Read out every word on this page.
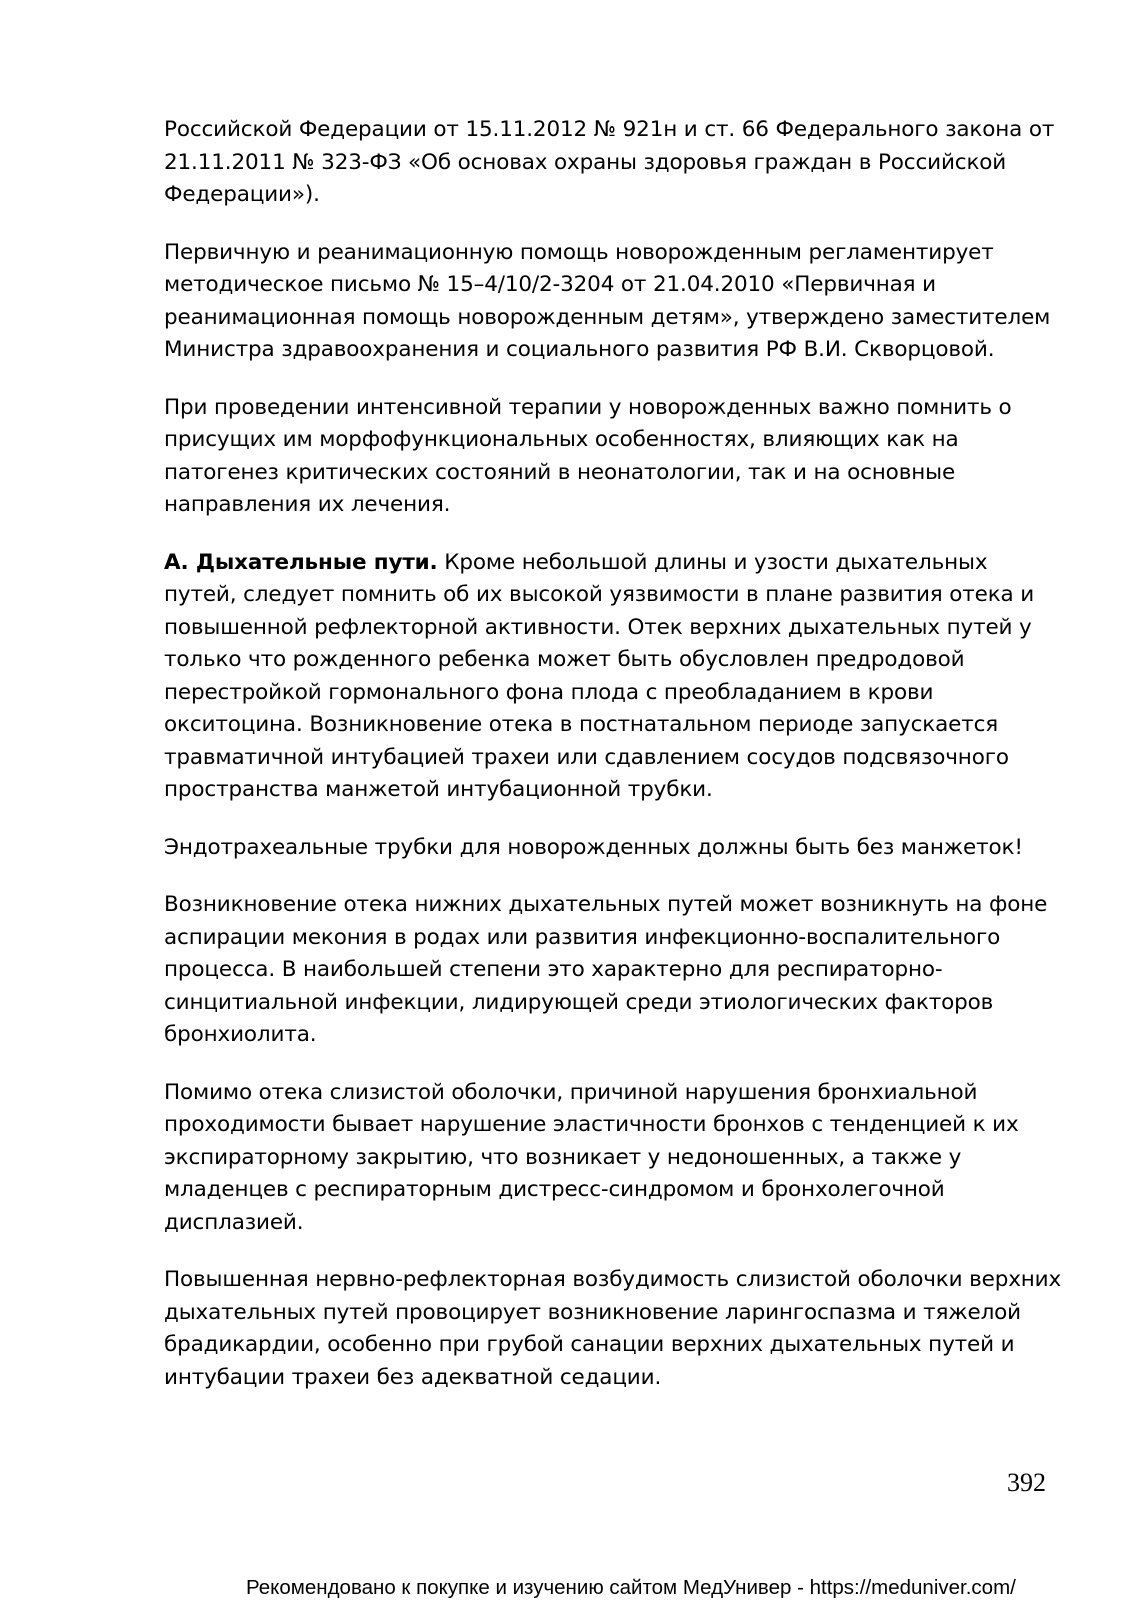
Российской Федерации от 15.11.2012 № 921н и ст. 66 Федерального закона от 21.11.2011 № 323-ФЗ «Об основах охраны здоровья граждан в Российской Федерации»).

Первичную и реанимационную помощь новорожденным регламентирует методическое письмо № 15–4/10/2-3204 от 21.04.2010 «Первичная и реанимационная помощь новорожденным детям», утверждено заместителем Министра здравоохранения и социального развития РФ В.И. Скворцовой.

При проведении интенсивной терапии у новорожденных важно помнить о присущих им морфофункциональных особенностях, влияющих как на патогенез критических состояний в неонатологии, так и на основные направления их лечения.

А. Дыхательные пути. Кроме небольшой длины и узости дыхательных путей, следует помнить об их высокой уязвимости в плане развития отека и повышенной рефлекторной активности. Отек верхних дыхательных путей у только что рожденного ребенка может быть обусловлен предродовой перестройкой гормонального фона плода с преобладанием в крови окситоцина. Возникновение отека в постнатальном периоде запускается травматичной интубацией трахеи или сдавлением сосудов подсвязочного пространства манжетой интубационной трубки.

Эндотрахеальные трубки для новорожденных должны быть без манжеток!

Возникновение отека нижних дыхательных путей может возникнуть на фоне аспирации мекония в родах или развития инфекционно-воспалительного процесса. В наибольшей степени это характерно для респираторно-синцитиальной инфекции, лидирующей среди этиологических факторов бронхиолита.

Помимо отека слизистой оболочки, причиной нарушения бронхиальной проходимости бывает нарушение эластичности бронхов с тенденцией к их экспираторному закрытию, что возникает у недоношенных, а также у младенцев с респираторным дистресс-синдромом и бронхолегочной дисплазией.

Повышенная нервно-рефлекторная возбудимость слизистой оболочки верхних дыхательных путей провоцирует возникновение ларингоспазма и тяжелой брадикардии, особенно при грубой санации верхних дыхательных путей и интубации трахеи без адекватной седации.

392
Рекомендовано к покупке и изучению сайтом МедУнивер - https://meduniver.com/
